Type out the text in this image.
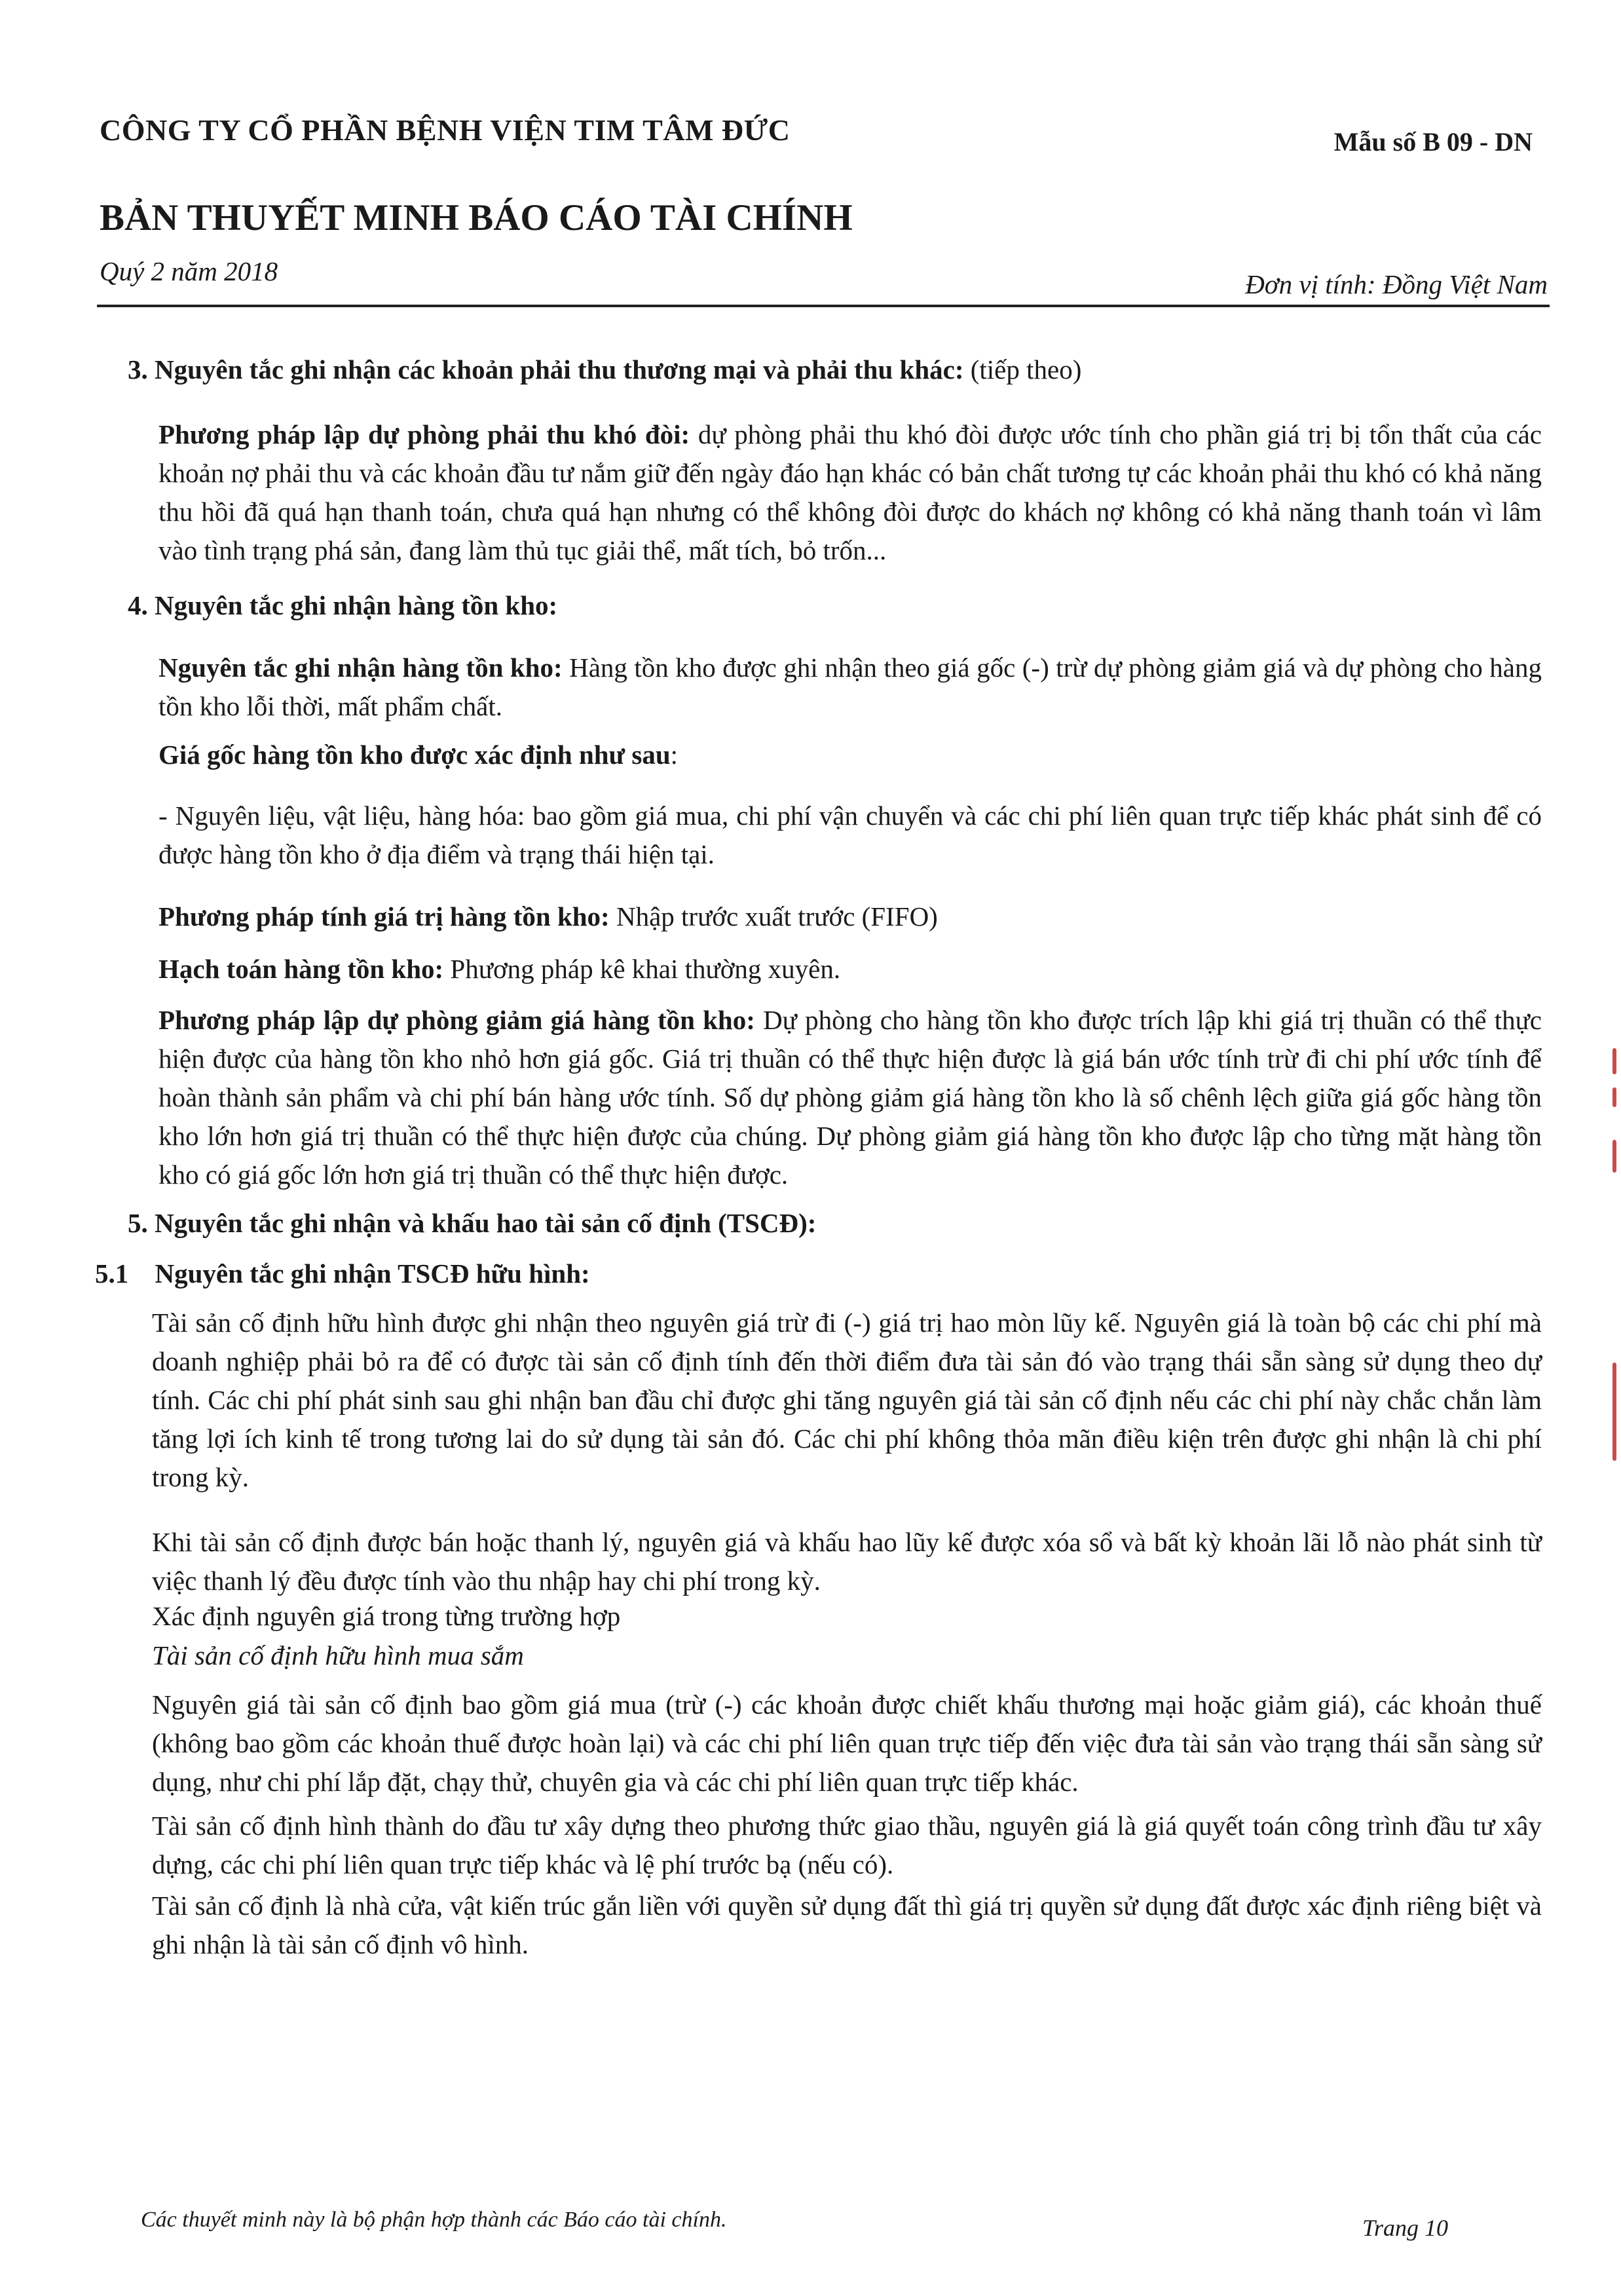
CÔNG TY CỔ PHẦN BỆNH VIỆN TIM TÂM ĐỨC	Mẫu số B 09 - DN
BẢN THUYẾT MINH BÁO CÁO TÀI CHÍNH
Quý 2 năm 2018	Đơn vị tính: Đồng Việt Nam
3. Nguyên tắc ghi nhận các khoản phải thu thương mại và phải thu khác: (tiếp theo)
Phương pháp lập dự phòng phải thu khó đòi: dự phòng phải thu khó đòi được ước tính cho phần giá trị bị tổn thất của các khoản nợ phải thu và các khoản đầu tư nắm giữ đến ngày đáo hạn khác có bản chất tương tự các khoản phải thu khó có khả năng thu hồi đã quá hạn thanh toán, chưa quá hạn nhưng có thể không đòi được do khách nợ không có khả năng thanh toán vì lâm vào tình trạng phá sản, đang làm thủ tục giải thể, mất tích, bỏ trốn...
4. Nguyên tắc ghi nhận hàng tồn kho:
Nguyên tắc ghi nhận hàng tồn kho: Hàng tồn kho được ghi nhận theo giá gốc (-) trừ dự phòng giảm giá và dự phòng cho hàng tồn kho lỗi thời, mất phẩm chất.
Giá gốc hàng tồn kho được xác định như sau:
- Nguyên liệu, vật liệu, hàng hóa: bao gồm giá mua, chi phí vận chuyển và các chi phí liên quan trực tiếp khác phát sinh để có được hàng tồn kho ở địa điểm và trạng thái hiện tại.
Phương pháp tính giá trị hàng tồn kho: Nhập trước xuất trước (FIFO)
Hạch toán hàng tồn kho: Phương pháp kê khai thường xuyên.
Phương pháp lập dự phòng giảm giá hàng tồn kho: Dự phòng cho hàng tồn kho được trích lập khi giá trị thuần có thể thực hiện được của hàng tồn kho nhỏ hơn giá gốc. Giá trị thuần có thể thực hiện được là giá bán ước tính trừ đi chi phí ước tính để hoàn thành sản phẩm và chi phí bán hàng ước tính. Số dự phòng giảm giá hàng tồn kho là số chênh lệch giữa giá gốc hàng tồn kho lớn hơn giá trị thuần có thể thực hiện được của chúng. Dự phòng giảm giá hàng tồn kho được lập cho từng mặt hàng tồn kho có giá gốc lớn hơn giá trị thuần có thể thực hiện được.
5. Nguyên tắc ghi nhận và khấu hao tài sản cố định (TSCĐ):
5.1 Nguyên tắc ghi nhận TSCĐ hữu hình:
Tài sản cố định hữu hình được ghi nhận theo nguyên giá trừ đi (-) giá trị hao mòn lũy kế. Nguyên giá là toàn bộ các chi phí mà doanh nghiệp phải bỏ ra để có được tài sản cố định tính đến thời điểm đưa tài sản đó vào trạng thái sẵn sàng sử dụng theo dự tính. Các chi phí phát sinh sau ghi nhận ban đầu chỉ được ghi tăng nguyên giá tài sản cố định nếu các chi phí này chắc chắn làm tăng lợi ích kinh tế trong tương lai do sử dụng tài sản đó. Các chi phí không thỏa mãn điều kiện trên được ghi nhận là chi phí trong kỳ.
Khi tài sản cố định được bán hoặc thanh lý, nguyên giá và khấu hao lũy kế được xóa sổ và bất kỳ khoản lãi lỗ nào phát sinh từ việc thanh lý đều được tính vào thu nhập hay chi phí trong kỳ.
Xác định nguyên giá trong từng trường hợp
Tài sản cố định hữu hình mua sắm
Nguyên giá tài sản cố định bao gồm giá mua (trừ (-) các khoản được chiết khấu thương mại hoặc giảm giá), các khoản thuế (không bao gồm các khoản thuế được hoàn lại) và các chi phí liên quan trực tiếp đến việc đưa tài sản vào trạng thái sẵn sàng sử dụng, như chi phí lắp đặt, chạy thử, chuyên gia và các chi phí liên quan trực tiếp khác.
Tài sản cố định hình thành do đầu tư xây dựng theo phương thức giao thầu, nguyên giá là giá quyết toán công trình đầu tư xây dựng, các chi phí liên quan trực tiếp khác và lệ phí trước bạ (nếu có).
Tài sản cố định là nhà cửa, vật kiến trúc gắn liền với quyền sử dụng đất thì giá trị quyền sử dụng đất được xác định riêng biệt và ghi nhận là tài sản cố định vô hình.
Các thuyết minh này là bộ phận hợp thành các Báo cáo tài chính.	Trang 10
